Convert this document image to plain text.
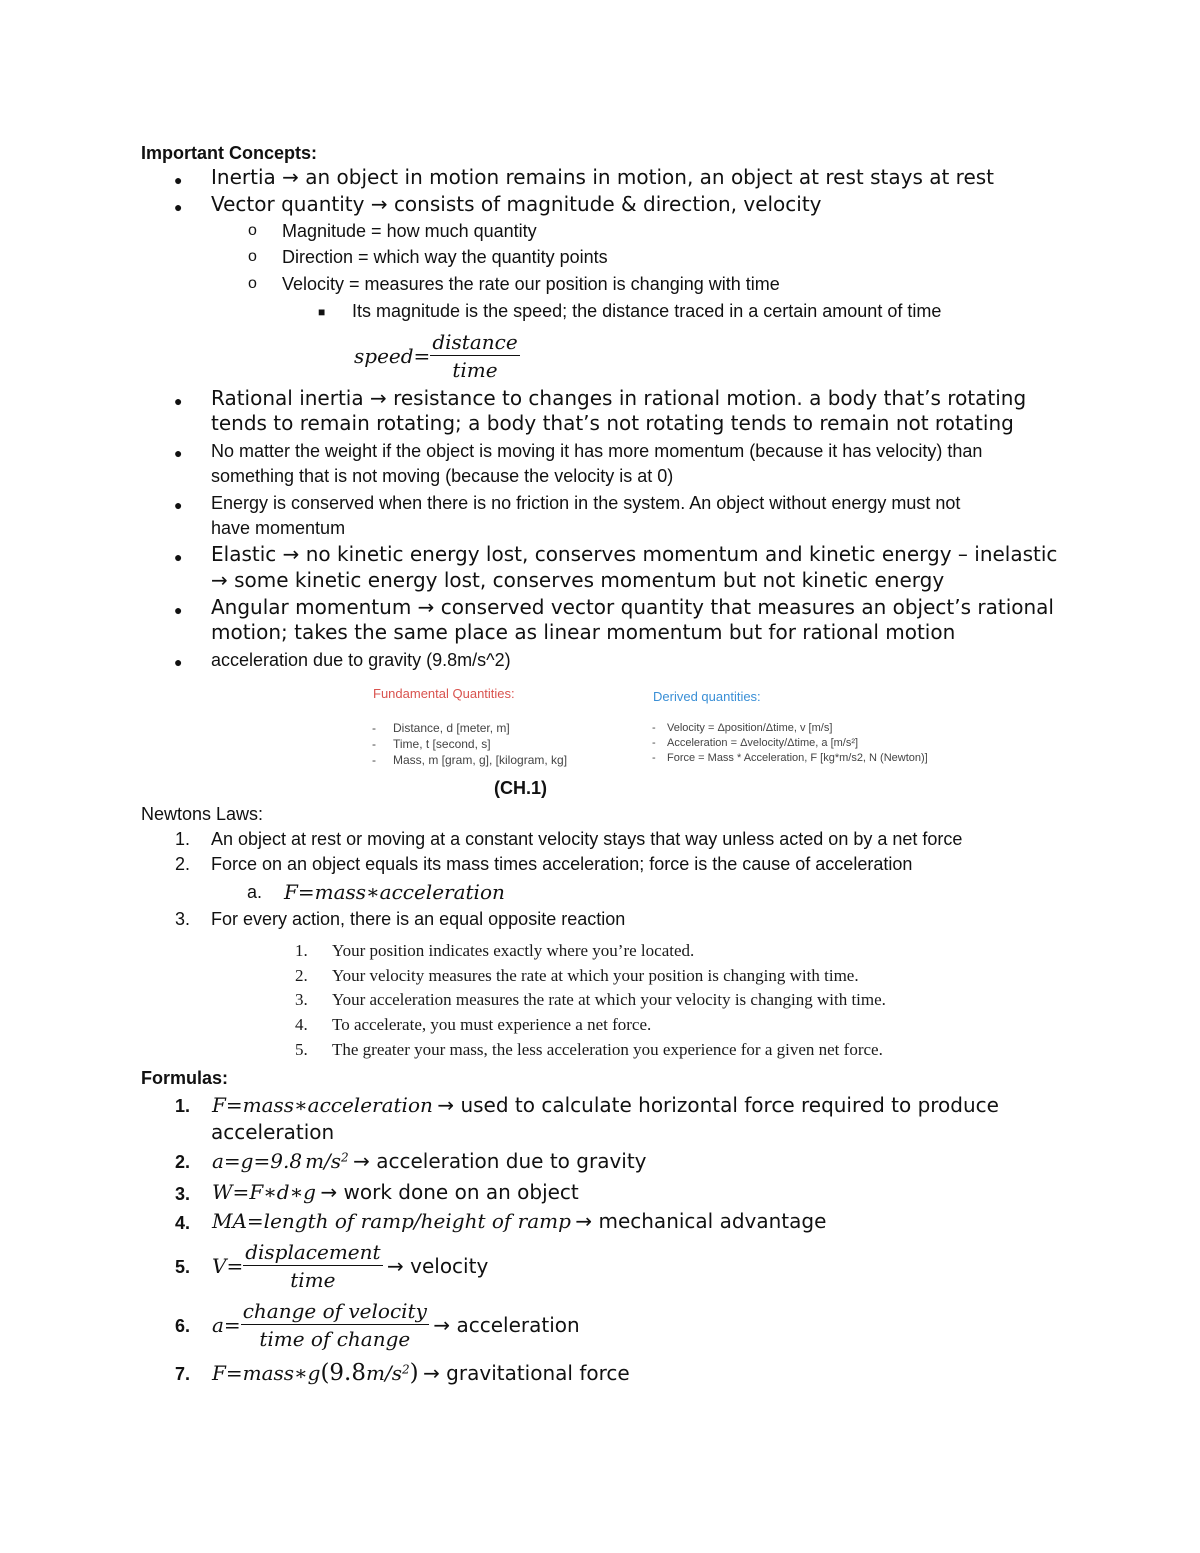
Important Concepts:
● Inertia → an object in motion remains in motion, an object at rest stays at rest
● Vector quantity → consists of magnitude & direction, velocity
o Magnitude = how much quantity
o Direction = which way the quantity points
o Velocity = measures the rate our position is changing with time
■ Its magnitude is the speed; the distance traced in a certain amount of time
speed= $\frac{\text{distance}}{\text{time}}$
● Rational inertia → resistance to changes in rational motion. a body that’s rotating
tends to remain rotating; a body that’s not rotating tends to remain not rotating
● No matter the weight if the object is moving it has more momentum (because it has velocity) than
something that is not moving (because the velocity is at 0)
● Energy is conserved when there is no friction in the system. An object without energy must not
have momentum
● Elastic → no kinetic energy lost, conserves momentum and kinetic energy – inelastic
→ some kinetic energy lost, conserves momentum but not kinetic energy
● Angular momentum → conserved vector quantity that measures an object’s rational
motion; takes the same place as linear momentum but for rational motion
● acceleration due to gravity (9.8m/s^2)
Fundamental Quantities:
- Distance, d [meter, m]
- Time, t [second, s]
- Mass, m [gram, g], [kilogram, kg]
Derived quantities:
- Velocity = Δposition/Δtime, v [m/s]
- Acceleration = Δvelocity/Δtime, a [m/s²]
- Force = Mass * Acceleration, F [kg*m/s2, N (Newton)]
(CH.1)
Newtons Laws:
1. An object at rest or moving at a constant velocity stays that way unless acted on by a net force
2. Force on an object equals its mass times acceleration; force is the cause of acceleration
a. F=mass∗acceleration
3. For every action, there is an equal opposite reaction
1. Your position indicates exactly where you’re located.
2. Your velocity measures the rate at which your position is changing with time.
3. Your acceleration measures the rate at which your velocity is changing with time.
4. To accelerate, you must experience a net force.
5. The greater your mass, the less acceleration you experience for a given net force.
Formulas:
1. F=mass∗acceleration → used to calculate horizontal force required to produce
acceleration
2. a=g=9.8 $m/s^2$ → acceleration due to gravity
3. W=F∗d∗g → work done on an object
4. MA=length of ramp/height of ramp → mechanical advantage
5. $V= \frac{\text{displacement}}{\text{time}}$ → velocity
6. $a= \frac{\text{change of velocity}}{\text{time of change}}$ → acceleration
7. $F=mass∗g(9.8m/s^2)$ → gravitational force
